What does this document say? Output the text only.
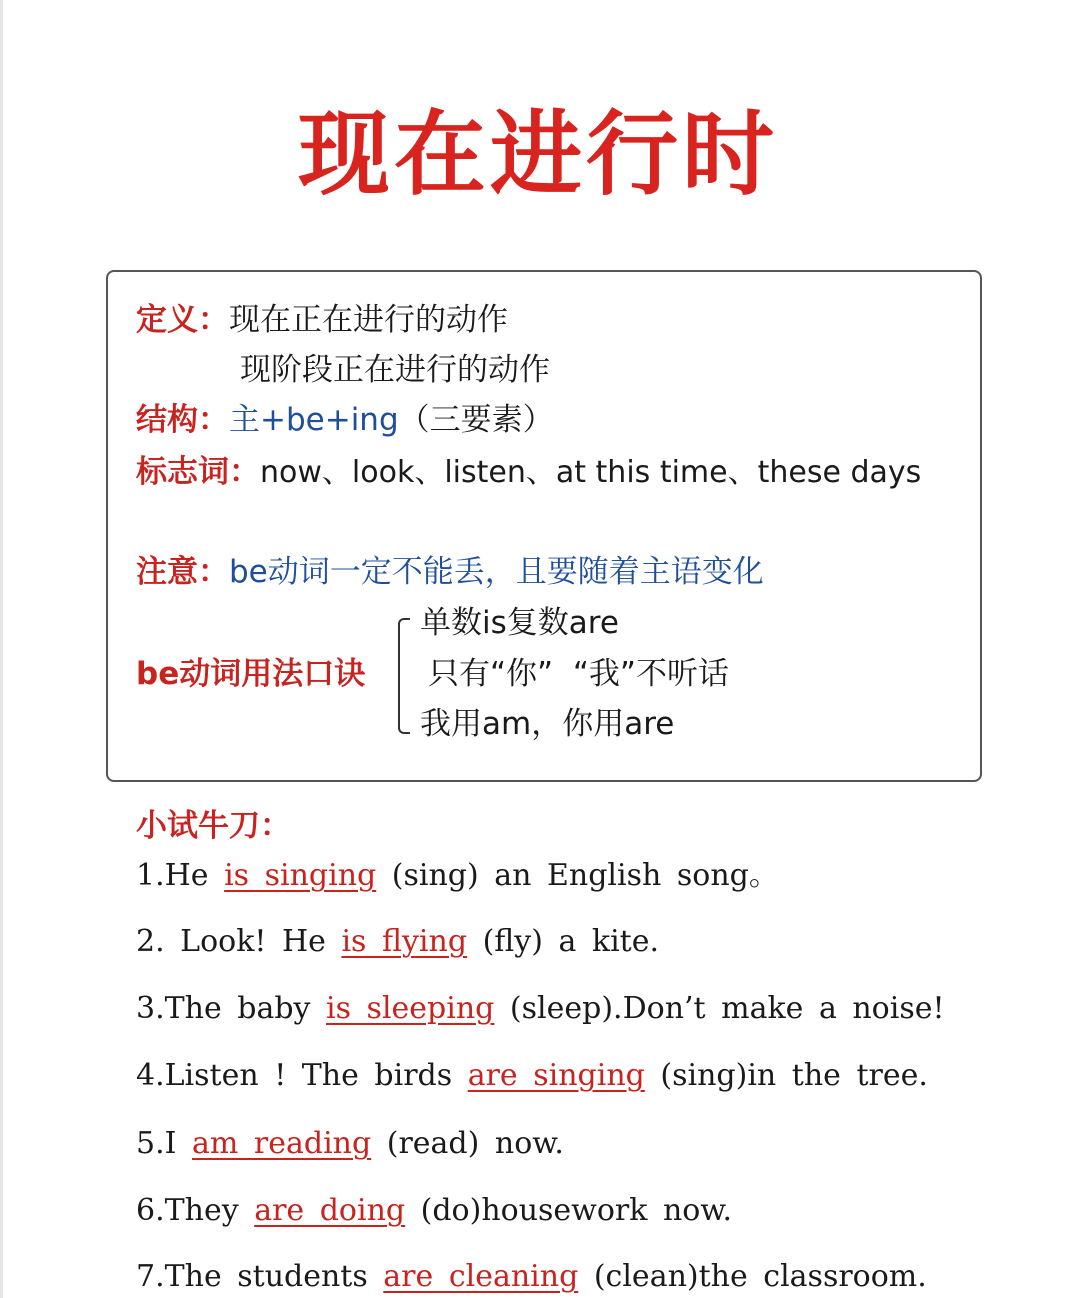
现在进行时
定义：现在正在进行的动作
现阶段正在进行的动作
结构：主+be+ing（三要素）
标志词：now、look、listen、at this time、these days
注意：be动词一定不能丢，且要随着主语变化
be动词用法口诀
单数is复数are
只有“你”  “我”不听话
我用am，你用are
小试牛刀：
1.He is singing (sing) an English song。
2. Look! He is flying (fly) a kite.
3.The baby is sleeping (sleep).Don’t make a noise!
4.Listen ! The birds are singing (sing)in the tree.
5.I am reading (read) now.
6.They are doing (do)housework now.
7.The students are cleaning (clean)the classroom.
